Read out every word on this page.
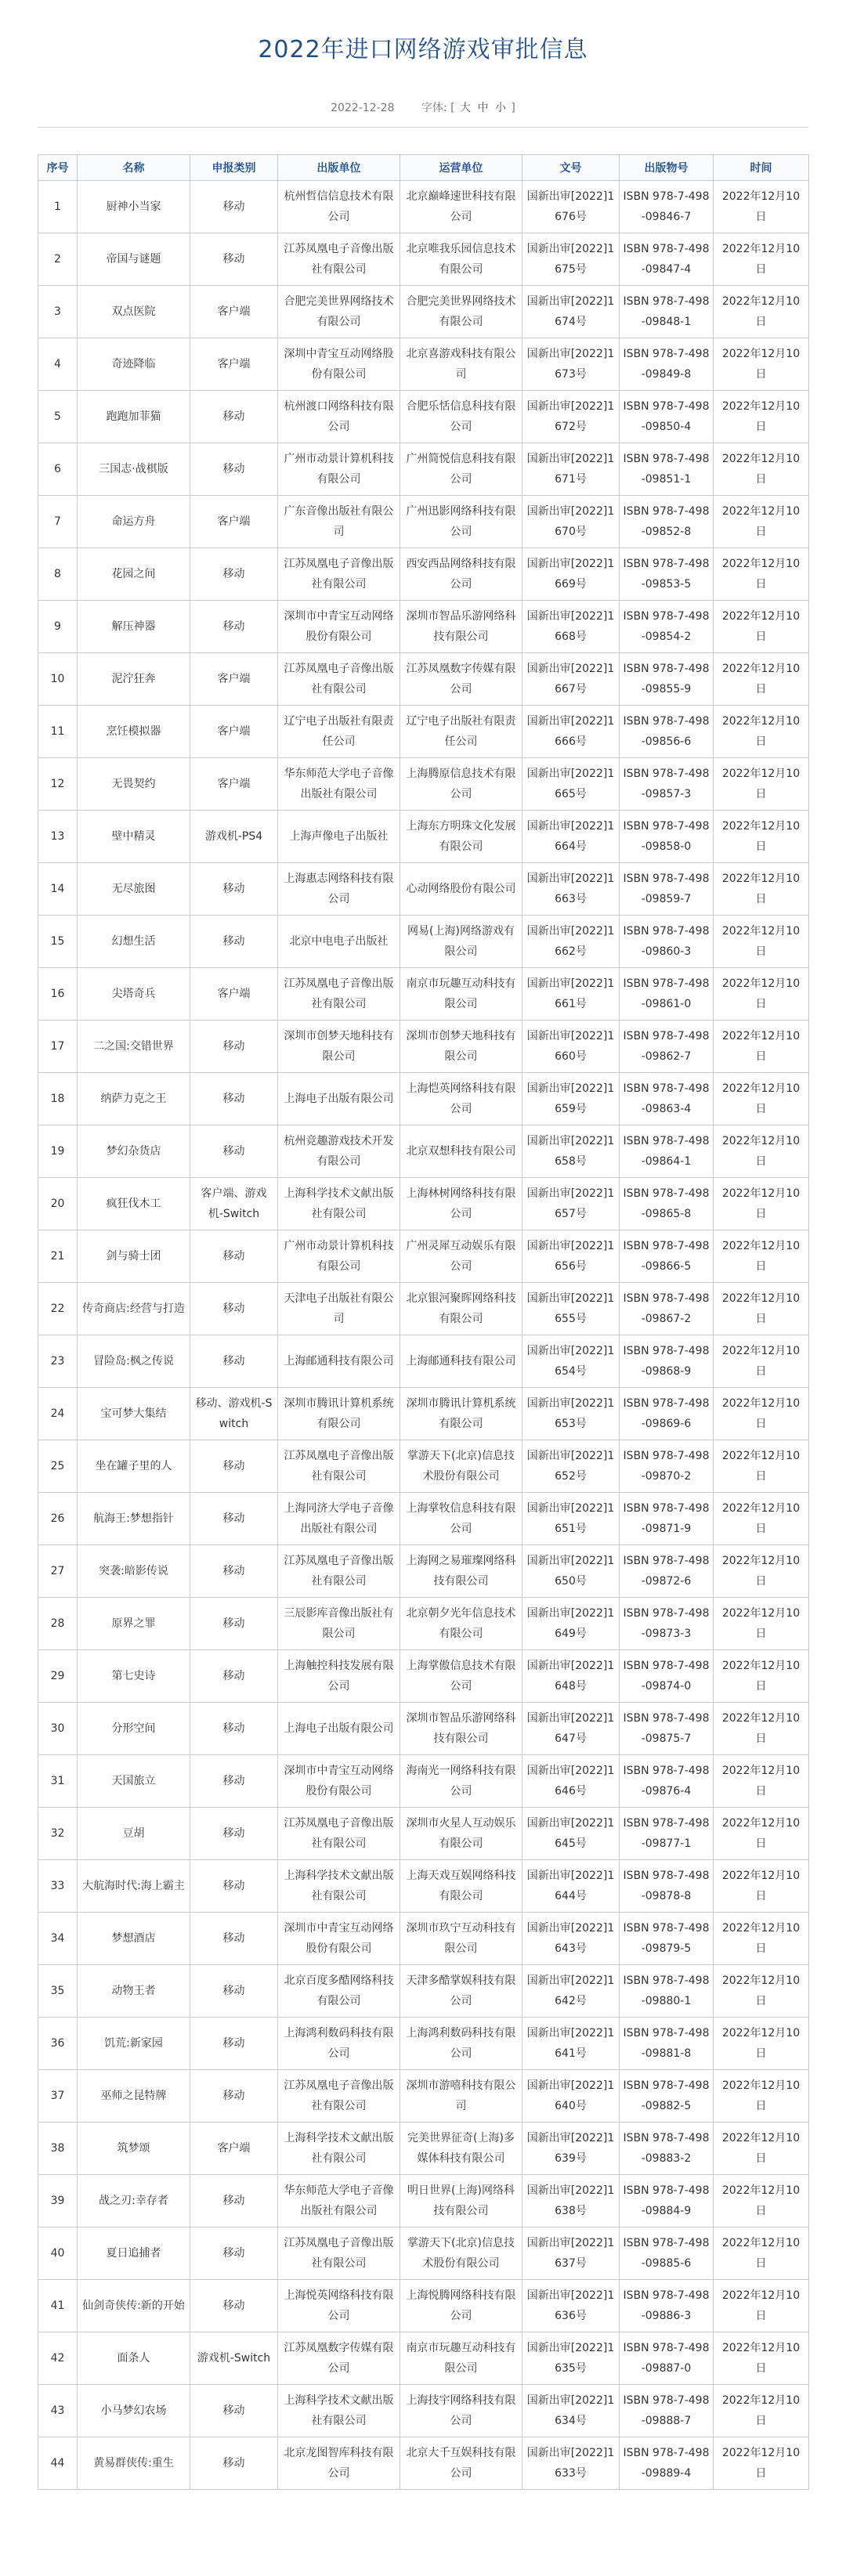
2022年进口网络游戏审批信息
2022-12-28 字体: [ 大 中 小 ]
序号	名称	申报类别	出版单位	运营单位	文号	出版物号	时间
1	厨神小当家	移动	杭州哲信信息技术有限公司	北京巅峰速世科技有限公司	国新出审[2022]1676号	ISBN 978-7-498-09846-7	2022年12月10日
2	帝国与谜题	移动	江苏凤凰电子音像出版社有限公司	北京唯我乐园信息技术有限公司	国新出审[2022]1675号	ISBN 978-7-498-09847-4	2022年12月10日
3	双点医院	客户端	合肥完美世界网络技术有限公司	合肥完美世界网络技术有限公司	国新出审[2022]1674号	ISBN 978-7-498-09848-1	2022年12月10日
4	奇迹降临	客户端	深圳中青宝互动网络股份有限公司	北京喜游戏科技有限公司	国新出审[2022]1673号	ISBN 978-7-498-09849-8	2022年12月10日
5	跑跑加菲猫	移动	杭州渡口网络科技有限公司	合肥乐恬信息科技有限公司	国新出审[2022]1672号	ISBN 978-7-498-09850-4	2022年12月10日
6	三国志·战棋版	移动	广州市动景计算机科技有限公司	广州简悦信息科技有限公司	国新出审[2022]1671号	ISBN 978-7-498-09851-1	2022年12月10日
7	命运方舟	客户端	广东音像出版社有限公司	广州迅影网络科技有限公司	国新出审[2022]1670号	ISBN 978-7-498-09852-8	2022年12月10日
8	花园之间	移动	江苏凤凰电子音像出版社有限公司	西安西品网络科技有限公司	国新出审[2022]1669号	ISBN 978-7-498-09853-5	2022年12月10日
9	解压神器	移动	深圳市中青宝互动网络股份有限公司	深圳市智品乐游网络科技有限公司	国新出审[2022]1668号	ISBN 978-7-498-09854-2	2022年12月10日
10	泥泞狂奔	客户端	江苏凤凰电子音像出版社有限公司	江苏凤凰数字传媒有限公司	国新出审[2022]1667号	ISBN 978-7-498-09855-9	2022年12月10日
11	烹饪模拟器	客户端	辽宁电子出版社有限责任公司	辽宁电子出版社有限责任公司	国新出审[2022]1666号	ISBN 978-7-498-09856-6	2022年12月10日
12	无畏契约	客户端	华东师范大学电子音像出版社有限公司	上海腾原信息技术有限公司	国新出审[2022]1665号	ISBN 978-7-498-09857-3	2022年12月10日
13	壁中精灵	游戏机-PS4	上海声像电子出版社	上海东方明珠文化发展有限公司	国新出审[2022]1664号	ISBN 978-7-498-09858-0	2022年12月10日
14	无尽旅图	移动	上海惠志网络科技有限公司	心动网络股份有限公司	国新出审[2022]1663号	ISBN 978-7-498-09859-7	2022年12月10日
15	幻想生活	移动	北京中电电子出版社	网易(上海)网络游戏有限公司	国新出审[2022]1662号	ISBN 978-7-498-09860-3	2022年12月10日
16	尖塔奇兵	客户端	江苏凤凰电子音像出版社有限公司	南京市玩趣互动科技有限公司	国新出审[2022]1661号	ISBN 978-7-498-09861-0	2022年12月10日
17	二之国:交错世界	移动	深圳市创梦天地科技有限公司	深圳市创梦天地科技有限公司	国新出审[2022]1660号	ISBN 978-7-498-09862-7	2022年12月10日
18	纳萨力克之王	移动	上海电子出版有限公司	上海恺英网络科技有限公司	国新出审[2022]1659号	ISBN 978-7-498-09863-4	2022年12月10日
19	梦幻杂货店	移动	杭州竞趣游戏技术开发有限公司	北京双想科技有限公司	国新出审[2022]1658号	ISBN 978-7-498-09864-1	2022年12月10日
20	疯狂伐木工	客户端、游戏机-Switch	上海科学技术文献出版社有限公司	上海林树网络科技有限公司	国新出审[2022]1657号	ISBN 978-7-498-09865-8	2022年12月10日
21	剑与骑士团	移动	广州市动景计算机科技有限公司	广州灵犀互动娱乐有限公司	国新出审[2022]1656号	ISBN 978-7-498-09866-5	2022年12月10日
22	传奇商店:经营与打造	移动	天津电子出版社有限公司	北京银河聚晖网络科技有限公司	国新出审[2022]1655号	ISBN 978-7-498-09867-2	2022年12月10日
23	冒险岛:枫之传说	移动	上海邮通科技有限公司	上海邮通科技有限公司	国新出审[2022]1654号	ISBN 978-7-498-09868-9	2022年12月10日
24	宝可梦大集结	移动、游戏机-Switch	深圳市腾讯计算机系统有限公司	深圳市腾讯计算机系统有限公司	国新出审[2022]1653号	ISBN 978-7-498-09869-6	2022年12月10日
25	坐在罐子里的人	移动	江苏凤凰电子音像出版社有限公司	掌游天下(北京)信息技术股份有限公司	国新出审[2022]1652号	ISBN 978-7-498-09870-2	2022年12月10日
26	航海王:梦想指针	移动	上海同济大学电子音像出版社有限公司	上海掌牧信息科技有限公司	国新出审[2022]1651号	ISBN 978-7-498-09871-9	2022年12月10日
27	突袭:暗影传说	移动	江苏凤凰电子音像出版社有限公司	上海网之易璀璨网络科技有限公司	国新出审[2022]1650号	ISBN 978-7-498-09872-6	2022年12月10日
28	原界之罪	移动	三辰影库音像出版社有限公司	北京朝夕光年信息技术有限公司	国新出审[2022]1649号	ISBN 978-7-498-09873-3	2022年12月10日
29	第七史诗	移动	上海触控科技发展有限公司	上海掌傲信息技术有限公司	国新出审[2022]1648号	ISBN 978-7-498-09874-0	2022年12月10日
30	分形空间	移动	上海电子出版有限公司	深圳市智品乐游网络科技有限公司	国新出审[2022]1647号	ISBN 978-7-498-09875-7	2022年12月10日
31	天国旅立	移动	深圳市中青宝互动网络股份有限公司	海南光一网络科技有限公司	国新出审[2022]1646号	ISBN 978-7-498-09876-4	2022年12月10日
32	豆胡	移动	江苏凤凰电子音像出版社有限公司	深圳市火星人互动娱乐有限公司	国新出审[2022]1645号	ISBN 978-7-498-09877-1	2022年12月10日
33	大航海时代:海上霸主	移动	上海科学技术文献出版社有限公司	上海天戏互娱网络科技有限公司	国新出审[2022]1644号	ISBN 978-7-498-09878-8	2022年12月10日
34	梦想酒店	移动	深圳市中青宝互动网络股份有限公司	深圳市玖宁互动科技有限公司	国新出审[2022]1643号	ISBN 978-7-498-09879-5	2022年12月10日
35	动物王者	移动	北京百度多酷网络科技有限公司	天津多酷掌娱科技有限公司	国新出审[2022]1642号	ISBN 978-7-498-09880-1	2022年12月10日
36	饥荒:新家园	移动	上海鸿利数码科技有限公司	上海鸿利数码科技有限公司	国新出审[2022]1641号	ISBN 978-7-498-09881-8	2022年12月10日
37	巫师之昆特牌	移动	江苏凤凰电子音像出版社有限公司	深圳市游嘻科技有限公司	国新出审[2022]1640号	ISBN 978-7-498-09882-5	2022年12月10日
38	筑梦颂	客户端	上海科学技术文献出版社有限公司	完美世界征奇(上海)多媒体科技有限公司	国新出审[2022]1639号	ISBN 978-7-498-09883-2	2022年12月10日
39	战之刃:幸存者	移动	华东师范大学电子音像出版社有限公司	明日世界(上海)网络科技有限公司	国新出审[2022]1638号	ISBN 978-7-498-09884-9	2022年12月10日
40	夏日追捕者	移动	江苏凤凰电子音像出版社有限公司	掌游天下(北京)信息技术股份有限公司	国新出审[2022]1637号	ISBN 978-7-498-09885-6	2022年12月10日
41	仙剑奇侠传:新的开始	移动	上海悦英网络科技有限公司	上海悦腾网络科技有限公司	国新出审[2022]1636号	ISBN 978-7-498-09886-3	2022年12月10日
42	面条人	游戏机-Switch	江苏凤凰数字传媒有限公司	南京市玩趣互动科技有限公司	国新出审[2022]1635号	ISBN 978-7-498-09887-0	2022年12月10日
43	小马梦幻农场	移动	上海科学技术文献出版社有限公司	上海技宇网络科技有限公司	国新出审[2022]1634号	ISBN 978-7-498-09888-7	2022年12月10日
44	黄易群侠传:重生	移动	北京龙图智库科技有限公司	北京大千互娱科技有限公司	国新出审[2022]1633号	ISBN 978-7-498-09889-4	2022年12月10日
